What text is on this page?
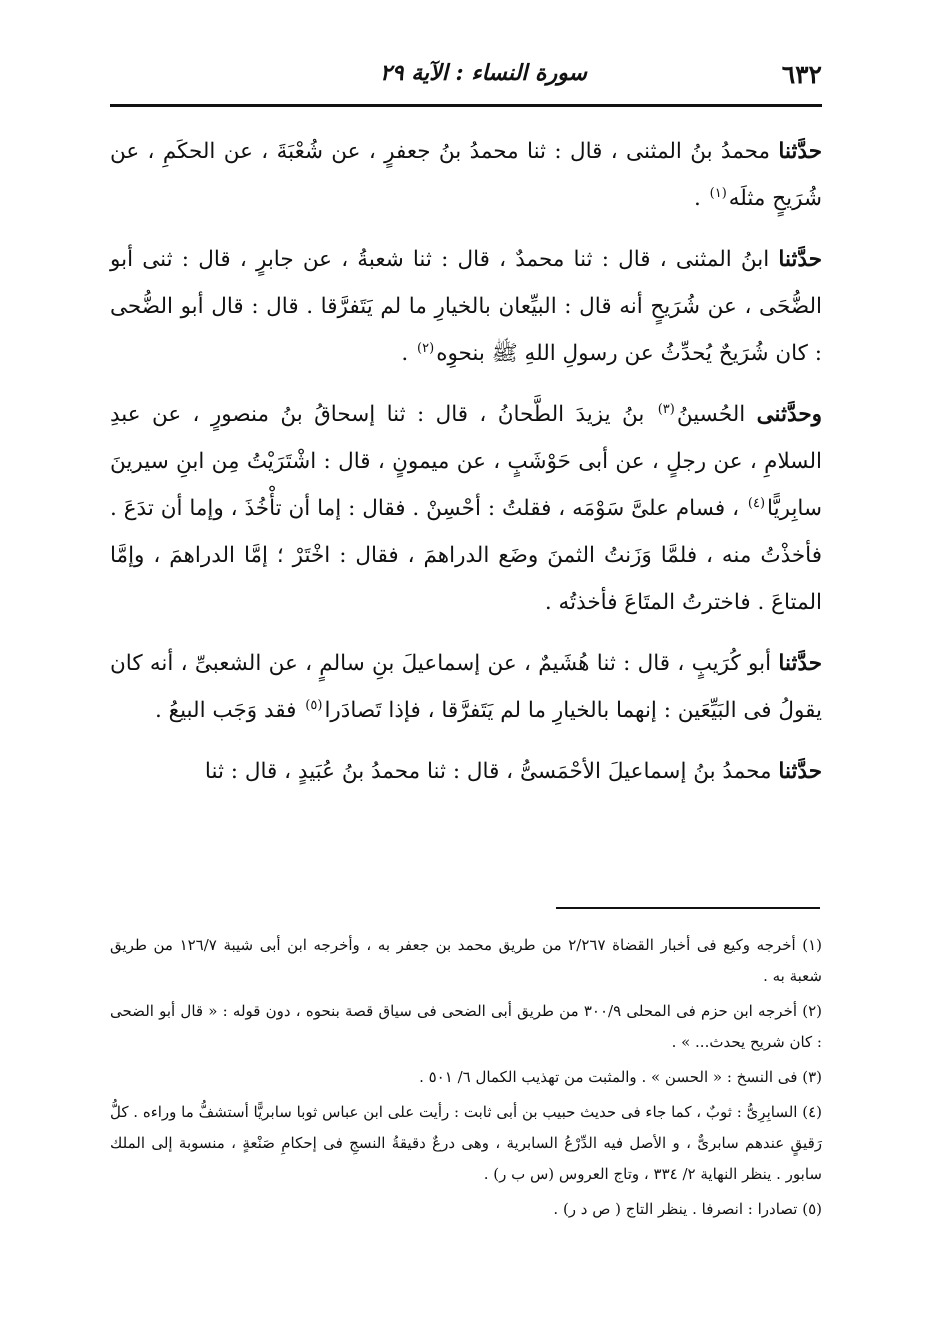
٦٣٢
سورة النساء : الآية ٢٩

حدَّثنا محمدُ بنُ المثنى ، قال : ثنا محمدُ بنُ جعفرٍ ، عن شُعْبَةَ ، عن الحكَمِ ، عن شُرَيحٍ مثلَه$^{(١)}$ .

حدَّثنا ابنُ المثنى ، قال : ثنا محمدٌ ، قال : ثنا شعبةُ ، عن جابرٍ ، قال : ثنى أبو الضُّحَى ، عن شُرَيحٍ أنه قال : البيِّعان بالخيارِ ما لم يَتَفرَّقا . قال : قال أبو الضُّحى : كان شُرَيحٌ يُحدِّثُ عن رسولِ اللهِ ﷺ بنحوِه$^{(٢)}$ .

وحدَّثنى الحُسينُ$^{(٣)}$ بنُ يزيدَ الطَّحانُ ، قال : ثنا إسحاقُ بنُ منصورٍ ، عن عبدِ السلامِ ، عن رجلٍ ، عن أبى حَوْشَبٍ ، عن ميمونٍ ، قال : اشْتَرَيْتُ مِن ابنِ سيرينَ سابِريًّا$^{(٤)}$ ، فسام علىَّ سَوْمَه ، فقلتُ : أحْسِنْ . فقال : إما أن تأْخُذَ ، وإما أن تدَعَ . فأخذْتُ منه ، فلمَّا وَزَنتُ الثمنَ وضَع الدراهمَ ، فقال : اخْتَرْ ؛ إمَّا الدراهمَ ، وإمَّا المتاعَ . فاخترتُ المتَاعَ فأخذتُه .

حدَّثنا أبو كُرَيبٍ ، قال : ثنا هُشَيمٌ ، عن إسماعيلَ بنِ سالمٍ ، عن الشعبىِّ ، أنه كان يقولُ فى البَيِّعَين : إنهما بالخيارِ ما لم يَتَفرَّقا ، فإذا تَصادَرا$^{(٥)}$ فقد وَجَب البيعُ .

حدَّثنا محمدُ بنُ إسماعيلَ الأحْمَسىُّ ، قال : ثنا محمدُ بنُ عُبَيدٍ ، قال : ثنا

(١) أخرجه وكيع فى أخبار القضاة ٢/٢٦٧ من طريق محمد بن جعفر به ، وأخرجه ابن أبى شيبة ١٢٦/٧ من طريق شعبة به .

(٢) أخرجه ابن حزم فى المحلى ٣٠٠/٩ من طريق أبى الضحى فى سياق قصة بنحوه ، دون قوله : « قال أبو الضحى : كان شريح يحدث... » .

(٣) فى النسخ : « الحسن » . والمثبت من تهذيب الكمال ٦/ ٥٠١ .

(٤) السابِرِىُّ : ثوبٌ ، كما جاء فى حديث حبيب بن أبى ثابت : رأيت على ابن عباس ثوبا سابريًّا أستشفُّ ما وراءه . كلُّ رَقيقٍ عندهم سابرىٌّ ، و الأصل فيه الدِّرْعُ السابرية ، وهى درعٌ دقيقةُ النسجِ فى إحكامِ صَنْعةٍ ، منسوبة إلى الملك سابور . ينظر النهاية ٢/ ٣٣٤ ، وتاج العروس (س ب ر) .

(٥) تصادرا : انصرفا . ينظر التاج ( ص د ر) .
